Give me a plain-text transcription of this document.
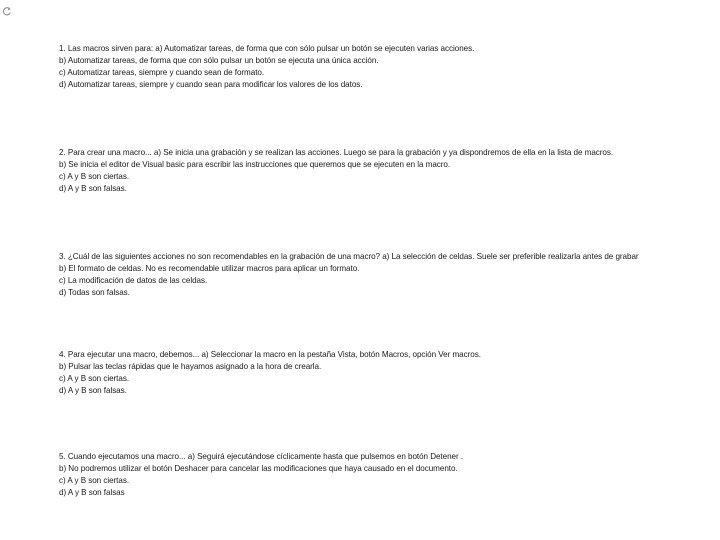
1. Las macros sirven para: a) Automatizar tareas, de forma que con sólo pulsar un botón se ejecuten varias acciones.
b) Automatizar tareas, de forma que con sólo pulsar un botón se ejecuta una única acción.
c) Automatizar tareas, siempre y cuando sean de formato.
d) Automatizar tareas, siempre y cuando sean para modificar los valores de los datos.
2. Para crear una macro... a) Se inicia una grabación y se realizan las acciones. Luego se para la grabación y ya dispondremos de ella en la lista de macros.
b) Se inicia el editor de Visual basic para escribir las instrucciones que queremos que se ejecuten en la macro.
c) A y B son ciertas.
d) A y B son falsas.
3. ¿Cuál de las siguientes acciones no son recomendables en la grabación de una macro? a) La selección de celdas. Suele ser preferible realizarla antes de grabar
b) El formato de celdas. No es recomendable utilizar macros para aplicar un formato.
c) La modificación de datos de las celdas.
d) Todas son falsas.
4. Para ejecutar una macro, debemos... a) Seleccionar la macro en la pestaña Vista, botón Macros, opción Ver macros.
b) Pulsar las teclas rápidas que le hayamos asignado a la hora de crearla.
c) A y B son ciertas.
d) A y B son falsas.
5. Cuando ejecutamos una macro... a) Seguirá ejecutándose cíclicamente hasta que pulsemos en botón Detener .
b) No podremos utilizar el botón Deshacer para cancelar las modificaciones que haya causado en el documento.
c) A y B son ciertas.
d) A y B son falsas
